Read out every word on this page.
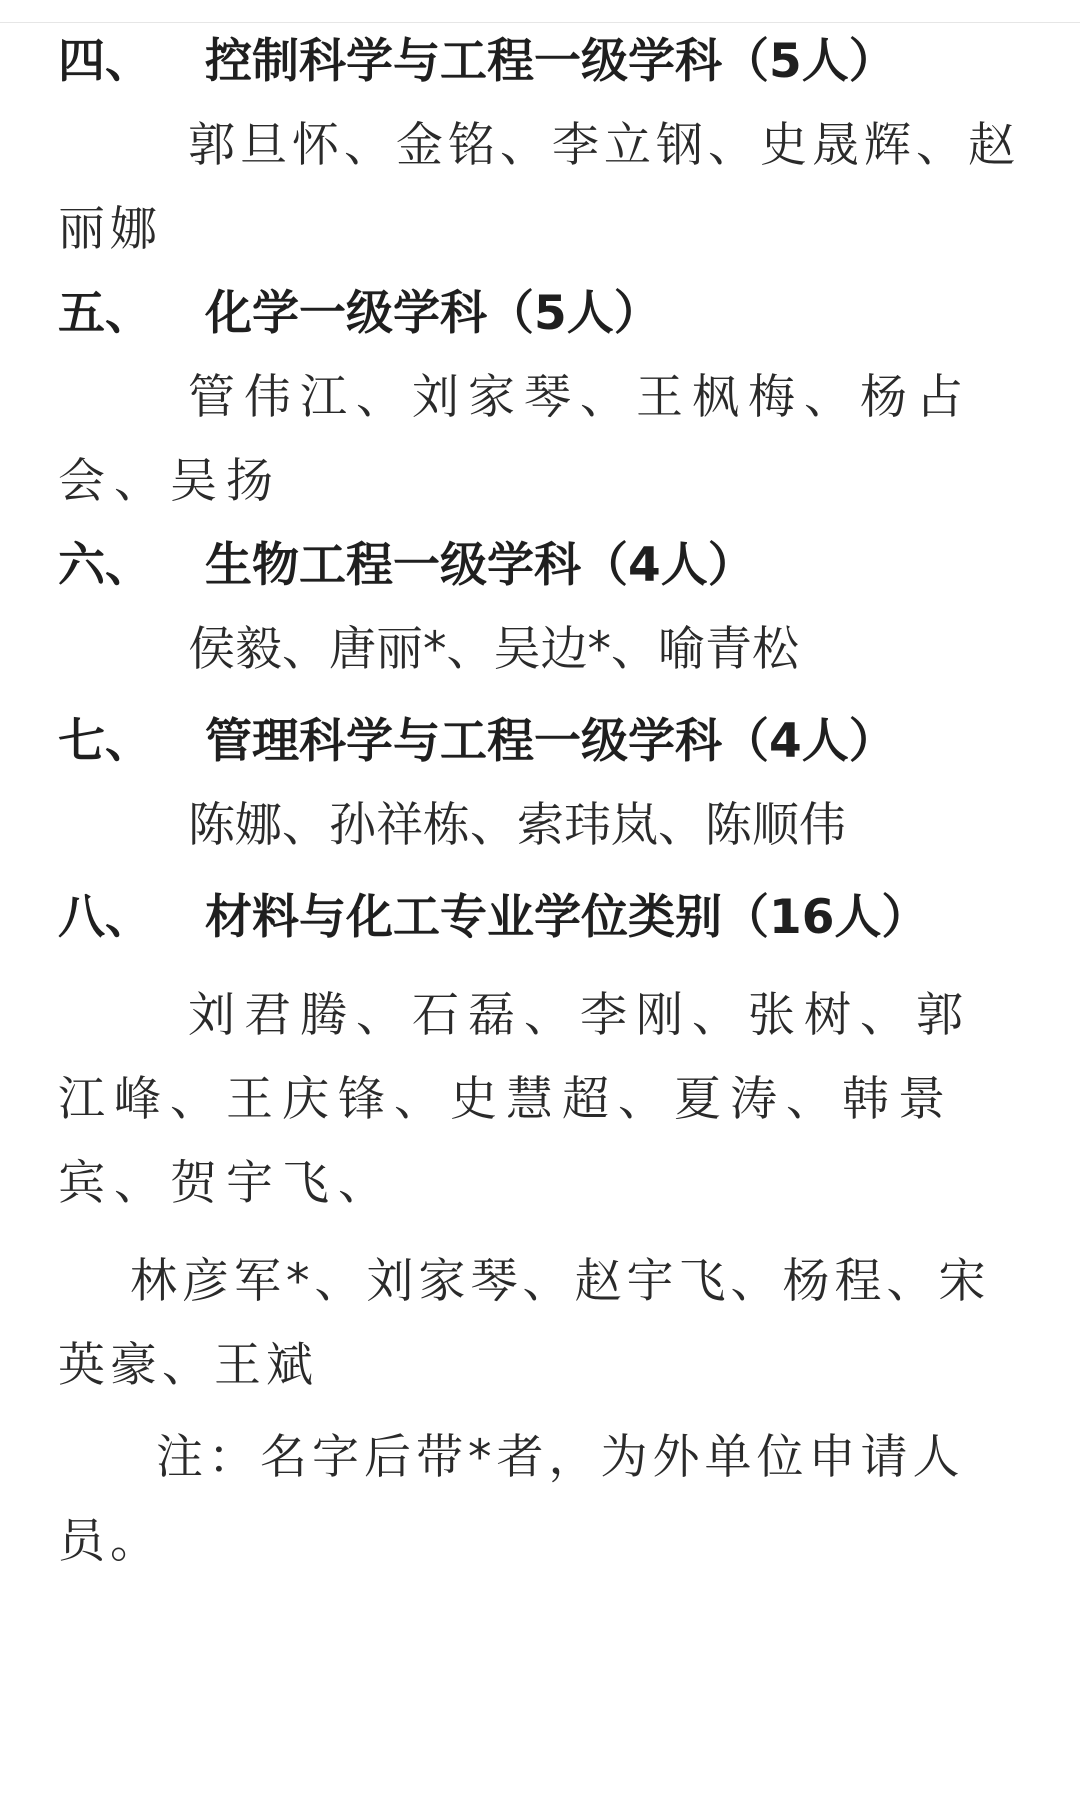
四、 控制科学与工程一级学科（5人）
郭旦怀、金铭、李立钢、史晟辉、赵丽娜
五、 化学一级学科（5人）
管伟江、刘家琴、王枫梅、杨占会、吴扬
六、 生物工程一级学科（4人）
侯毅、唐丽*、吴边*、喻青松
七、 管理科学与工程一级学科（4人）
陈娜、孙祥栋、索玮岚、陈顺伟
八、 材料与化工专业学位类别（16人）
刘君腾、石磊、李刚、张树、郭江峰、王庆锋、史慧超、夏涛、韩景宾、贺宇飞、
林彦军*、刘家琴、赵宇飞、杨程、宋英豪、王斌
注：名字后带*者，为外单位申请人员。
